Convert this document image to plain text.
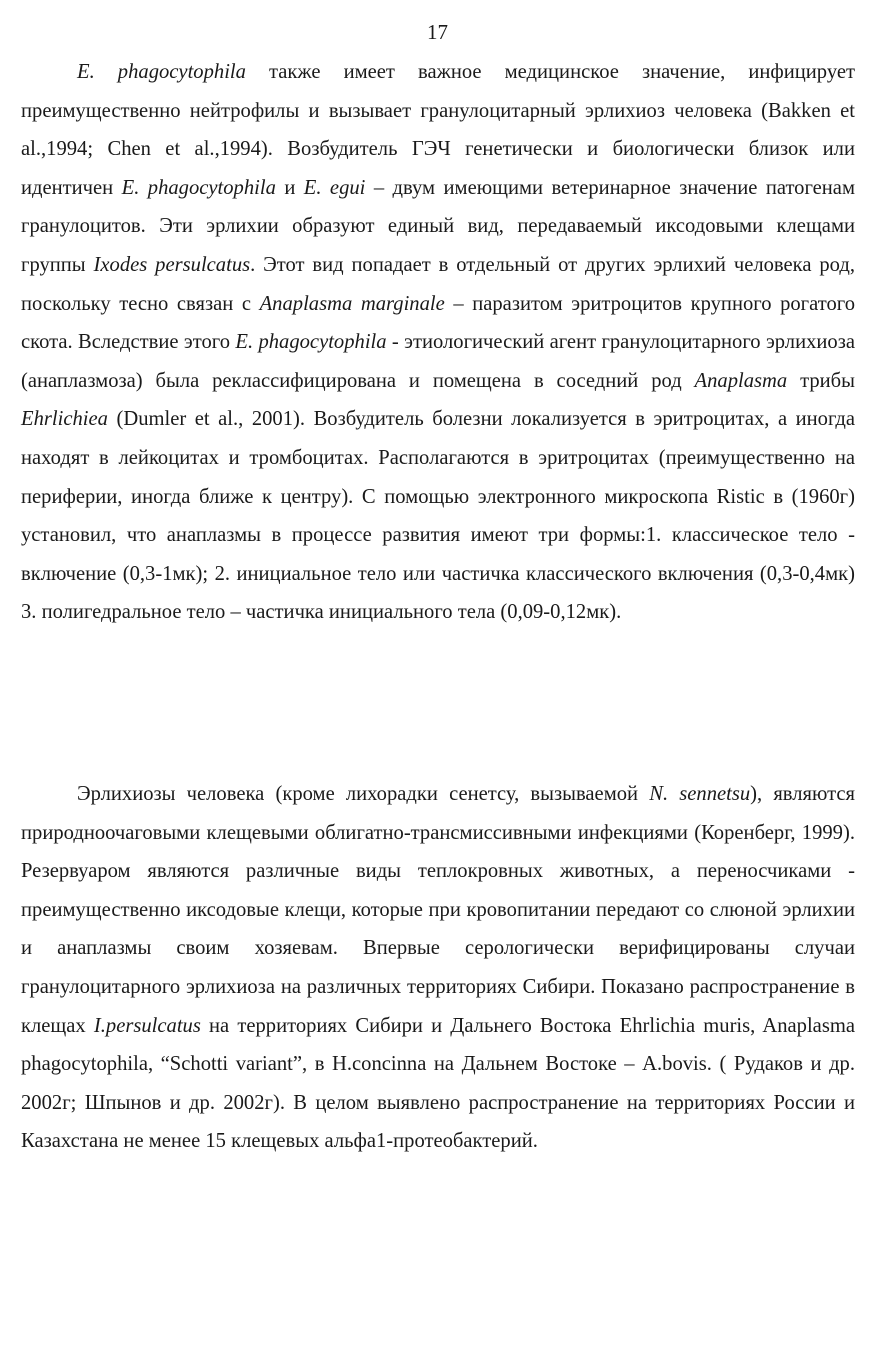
17

E. phagocytophila также имеет важное медицинское значение, инфицирует преимущественно нейтрофилы и вызывает гранулоцитарный эрлихиоз человека (Bakken et al.,1994; Chen et al.,1994). Возбудитель ГЭЧ генетически и биологически близок или идентичен E. phagocytophila и E. egui – двум имеющими ветеринарное значение патогенам гранулоцитов. Эти эрлихии образуют единый вид, передаваемый иксодовыми клещами группы Ixodes persulcatus. Этот вид попадает в отдельный от других эрлихий человека род, поскольку тесно связан с Anaplasma marginale – паразитом эритроцитов крупного рогатого скота. Вследствие этого E. phagocytophila - этиологический агент гранулоцитарного эрлихиоза (анаплазмоза) была реклассифицирована и помещена в соседний род Anaplasma трибы Ehrlichiea (Dumler et al., 2001). Возбудитель болезни локализуется в эритроцитах, а иногда находят в лейкоцитах и тромбоцитах. Располагаются в эритроцитах (преимущественно на периферии, иногда ближе к центру). С помощью электронного микроскопа Ristic в (1960г) установил, что анаплазмы в процессе развития имеют три формы:1. классическое тело - включение (0,3-1мк); 2. инициальное тело или частичка классического включения (0,3-0,4мк) 3. полигедральное тело – частичка инициального тела (0,09-0,12мк).

Эрлихиозы человека (кроме лихорадки сенетсу, вызываемой N. sennetsu), являются природноочаговыми клещевыми облигатно-трансмиссивными инфекциями (Коренберг, 1999). Резервуаром являются различные виды теплокровных животных, а переносчиками - преимущественно иксодовые клещи, которые при кровопитании передают со слюной эрлихии и анаплазмы своим хозяевам. Впервые серологически верифицированы случаи гранулоцитарного эрлихиоза на различных территориях Сибири. Показано распространение в клещах I.persulcatus на территориях Сибири и Дальнего Востока Ehrlichia muris, Anaplasma phagocytophila, “Schotti variant”, в H.concinna на Дальнем Востоке – A.bovis. ( Рудаков и др. 2002г; Шпынов и др. 2002г). В целом выявлено распространение на территориях России и Казахстана не менее 15 клещевых альфа1-протеобактерий.
